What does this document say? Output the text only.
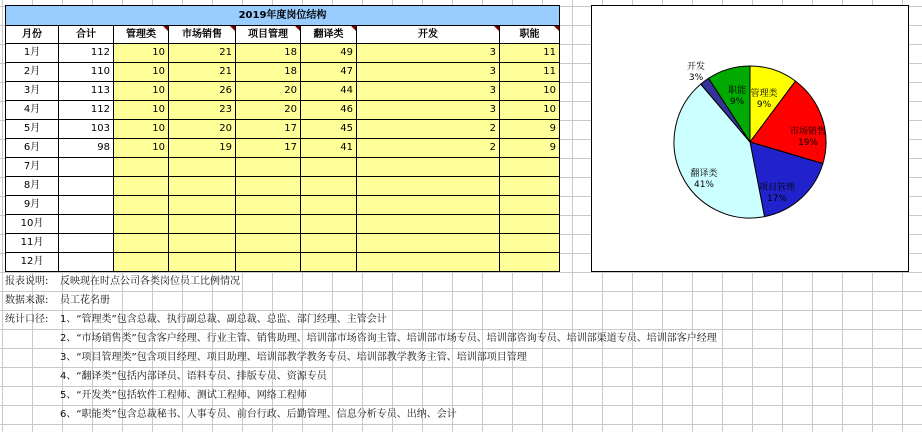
2019年度岗位结构
月份	合计	管理类	市场销售	项目管理	翻译类	开发	职能
1月	112	10	21	18	49	3	11
2月	110	10	21	18	47	3	11
3月	113	10	26	20	44	3	10
4月	112	10	23	20	46	3	10
5月	103	10	20	17	45	2	9
6月	98	10	19	17	41	2	9
7月
8月
9月
10月
11月
12月
报表说明: 反映现在时点公司各类岗位员工比例情况
数据来源: 员工花名册
统计口径: 1、“管理类”包含总裁、执行副总裁、副总裁、总监、部门经理、主管会计
2、“市场销售类”包含客户经理、行业主管、销售助理、培训部市场咨询主管、培训部市场专员、培训部咨询专员、培训部渠道专员、培训部客户经理
3、“项目管理类”包含项目经理、项目助理、培训部教学教务专员、培训部教学教务主管、培训部项目管理
4、“翻译类”包括内部译员、语料专员、排版专员、资源专员
5、“开发类”包括软件工程师、测试工程师、网络工程师
6、“职能类”包含总裁秘书、人事专员、前台行政、后勤管理、信息分析专员、出纳、会计
管理类 9%
市场销售 19%
项目管理 17%
翻译类 41%
开发 3%
职能 9%
